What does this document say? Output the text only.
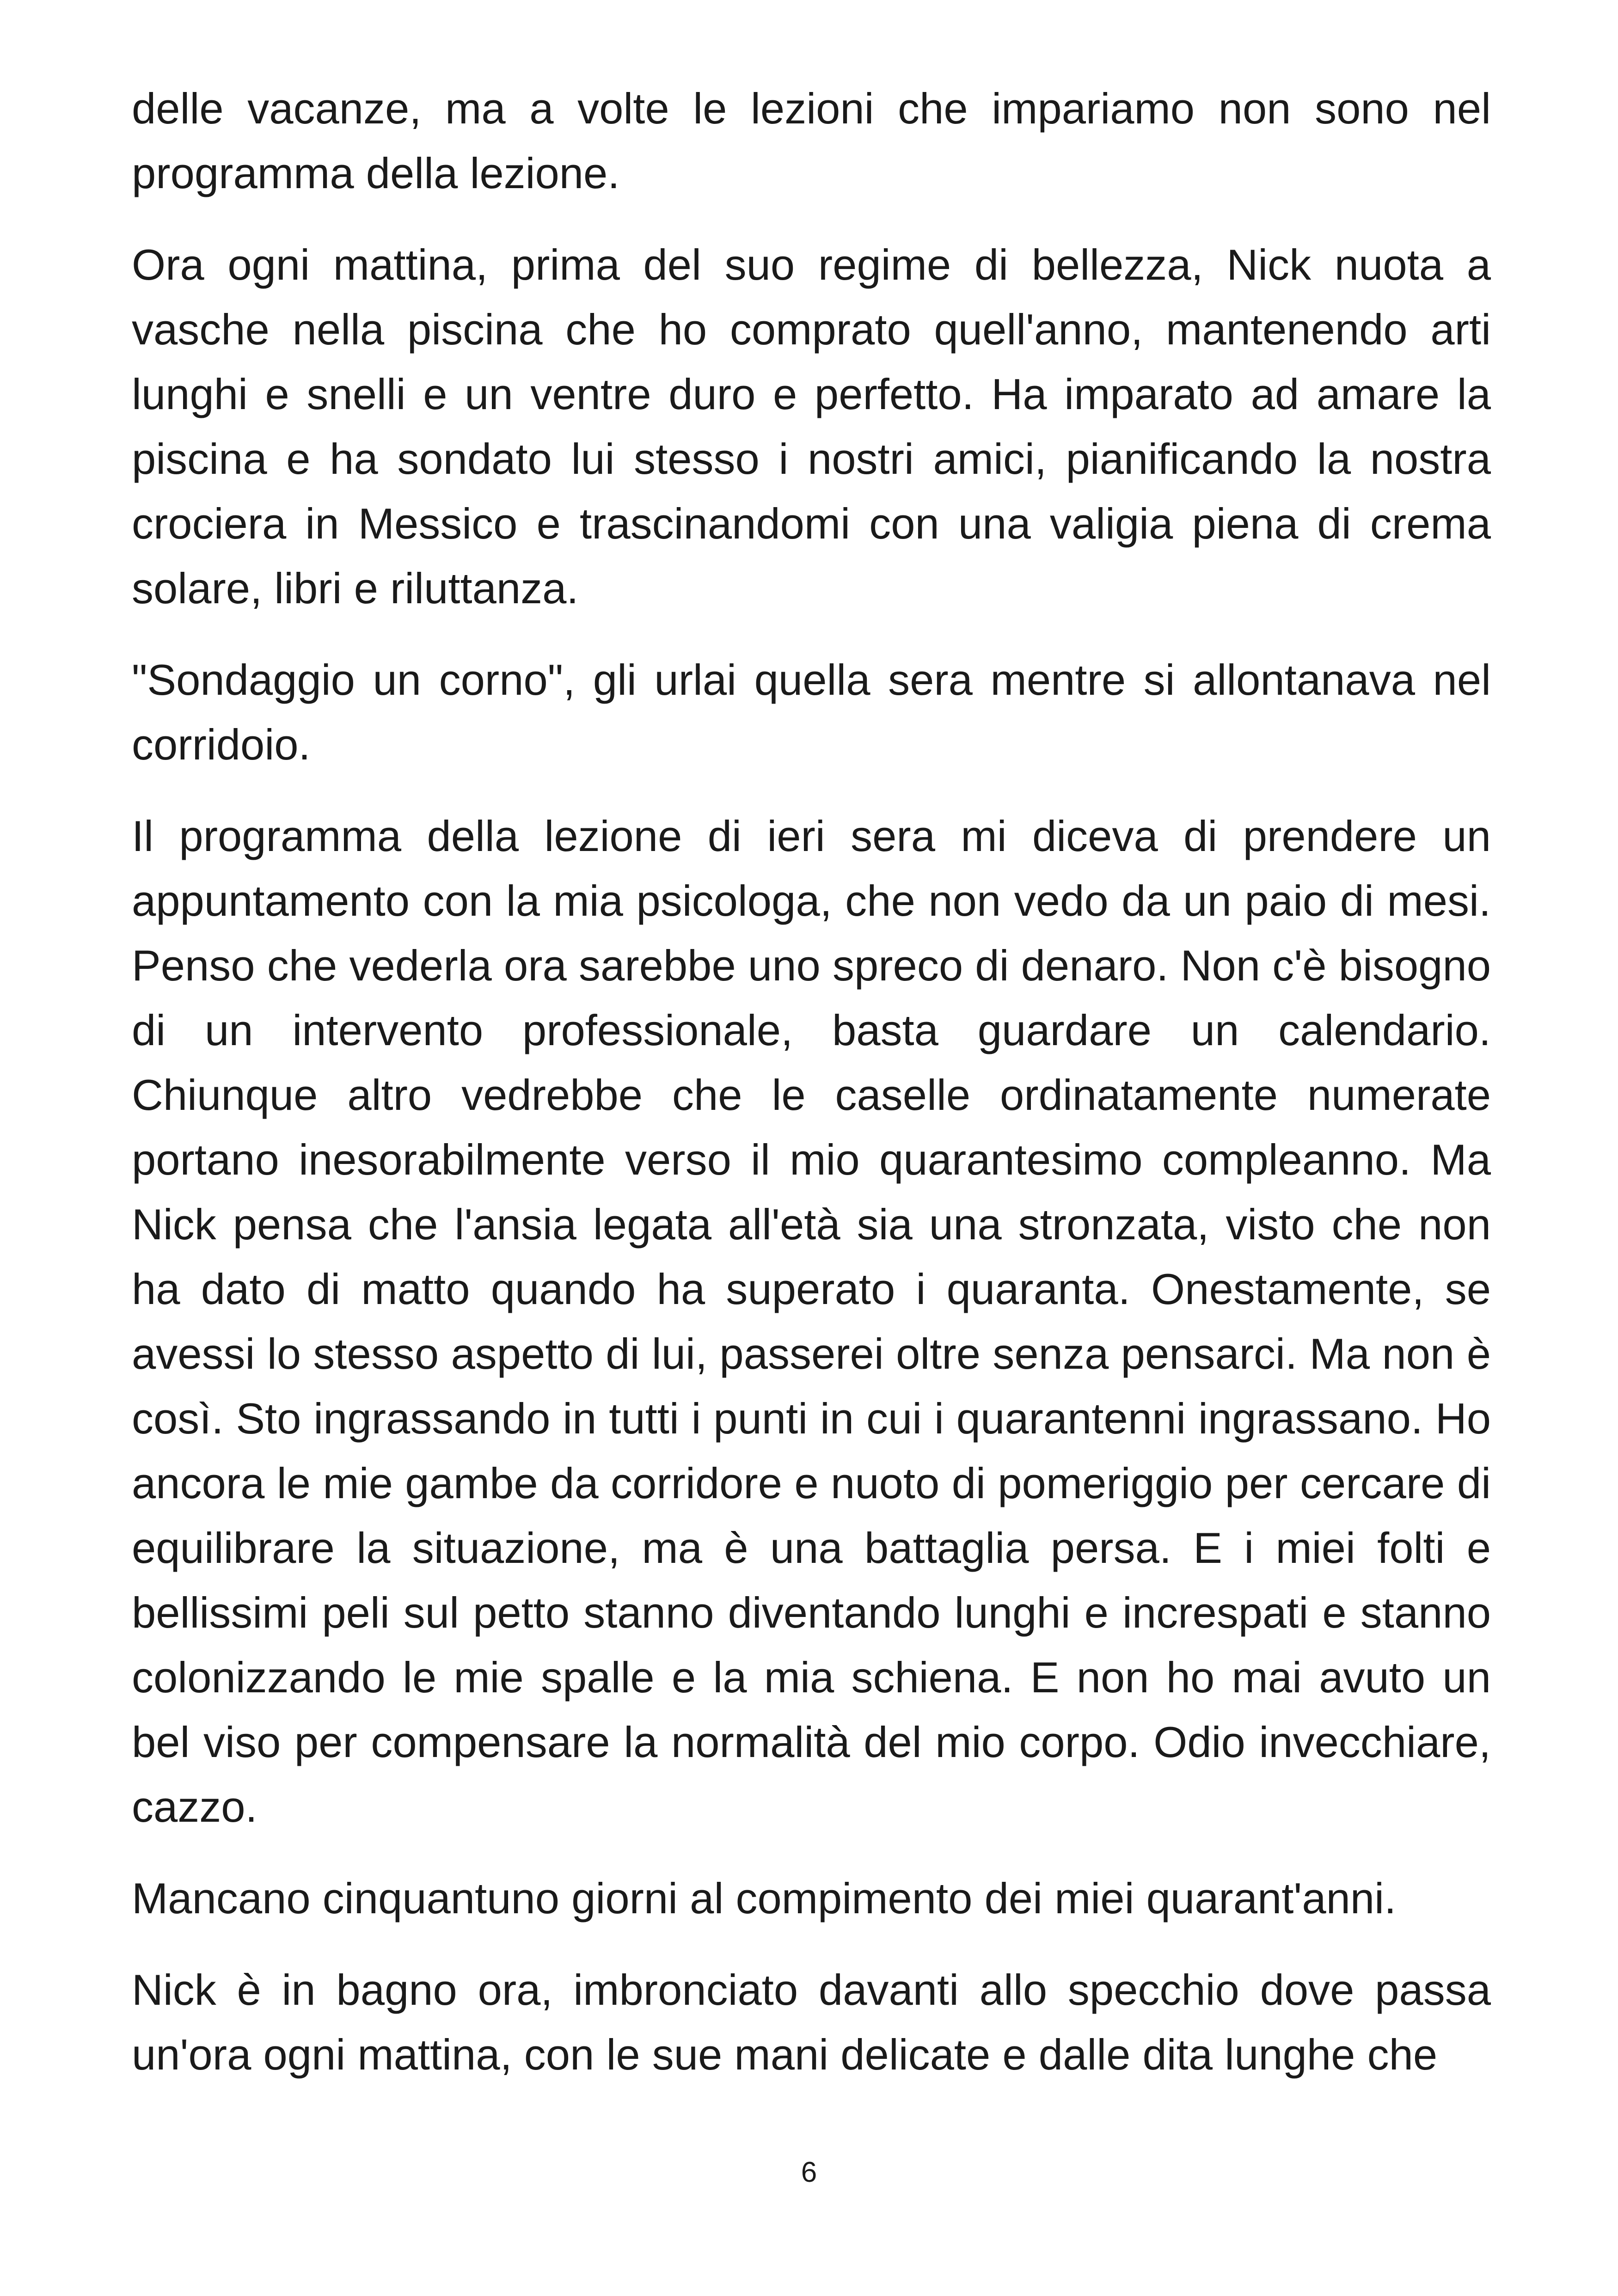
delle vacanze, ma a volte le lezioni che impariamo non sono nel programma della lezione.

Ora ogni mattina, prima del suo regime di bellezza, Nick nuota a vasche nella piscina che ho comprato quell'anno, mantenendo arti lunghi e snelli e un ventre duro e perfetto. Ha imparato ad amare la piscina e ha sondato lui stesso i nostri amici, pianificando la nostra crociera in Messico e trascinandomi con una valigia piena di crema solare, libri e riluttanza.

"Sondaggio un corno", gli urlai quella sera mentre si allontanava nel corridoio.

Il programma della lezione di ieri sera mi diceva di prendere un appuntamento con la mia psicologa, che non vedo da un paio di mesi. Penso che vederla ora sarebbe uno spreco di denaro. Non c'è bisogno di un intervento professionale, basta guardare un calendario. Chiunque altro vedrebbe che le caselle ordinatamente numerate portano inesorabilmente verso il mio quarantesimo compleanno. Ma Nick pensa che l'ansia legata all'età sia una stronzata, visto che non ha dato di matto quando ha superato i quaranta. Onestamente, se avessi lo stesso aspetto di lui, passerei oltre senza pensarci. Ma non è così. Sto ingrassando in tutti i punti in cui i quarantenni ingrassano. Ho ancora le mie gambe da corridore e nuoto di pomeriggio per cercare di equilibrare la situazione, ma è una battaglia persa. E i miei folti e bellissimi peli sul petto stanno diventando lunghi e increspati e stanno colonizzando le mie spalle e la mia schiena. E non ho mai avuto un bel viso per compensare la normalità del mio corpo. Odio invecchiare, cazzo.

Mancano cinquantuno giorni al compimento dei miei quarant'anni.

Nick è in bagno ora, imbronciato davanti allo specchio dove passa un'ora ogni mattina, con le sue mani delicate e dalle dita lunghe che

6
